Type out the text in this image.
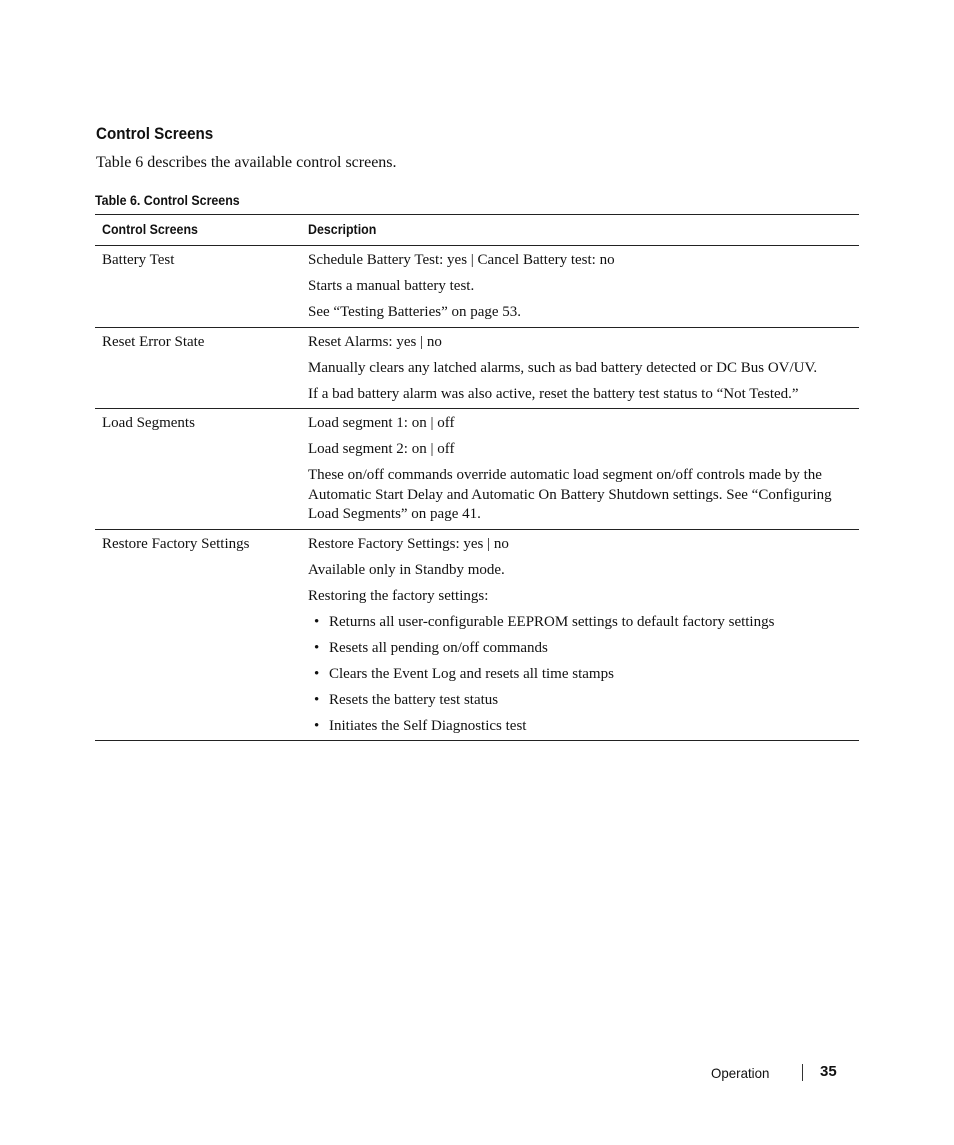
Control Screens
Table 6 describes the available control screens.
Table 6. Control Screens
Control Screens	Description
Battery Test	Schedule Battery Test: yes | Cancel Battery test: no

Starts a manual battery test.

See “Testing Batteries” on page 53.

Reset Error State	Reset Alarms: yes | no

Manually clears any latched alarms, such as bad battery detected or DC Bus OV/UV.

If a bad battery alarm was also active, reset the battery test status to “Not Tested.”

Load Segments	Load segment 1: on | off

Load segment 2: on | off

These on/off commands override automatic load segment on/off controls made by the Automatic Start Delay and Automatic On Battery Shutdown settings. See “Configuring Load Segments” on page 41.

Restore Factory Settings	Restore Factory Settings: yes | no

Available only in Standby mode.

Restoring the factory settings:

• Returns all user-configurable EEPROM settings to default factory settings
• Resets all pending on/off commands
• Clears the Event Log and resets all time stamps
• Resets the battery test status
• Initiates the Self Diagnostics test
Operation	35
